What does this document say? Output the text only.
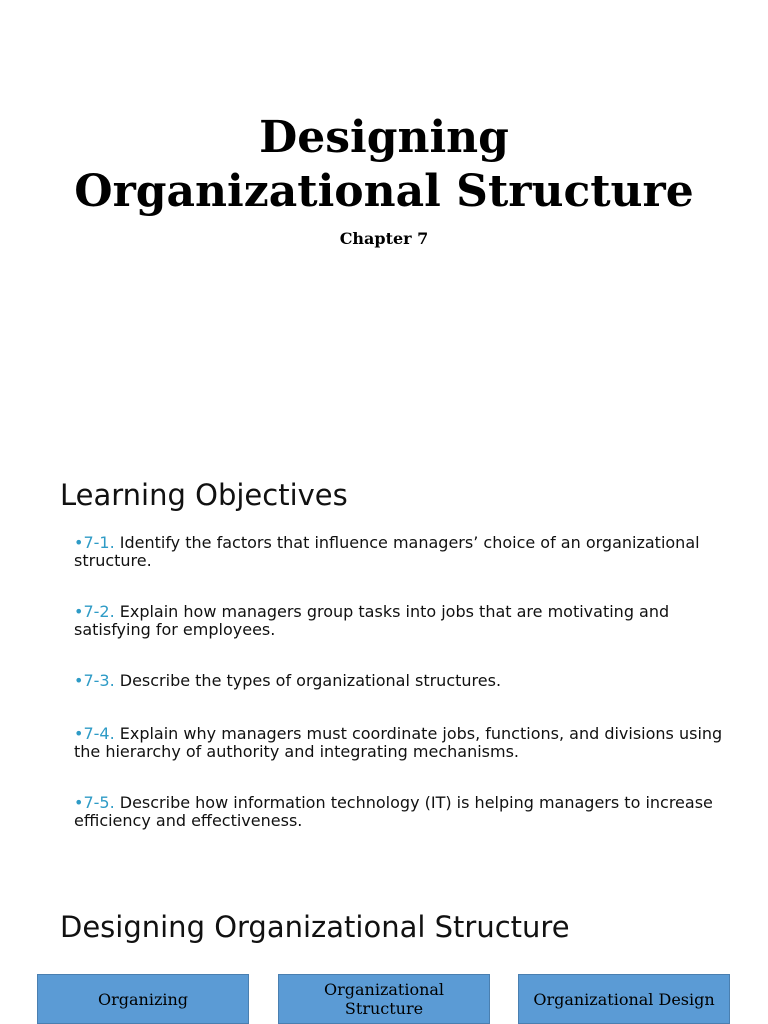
Designing
Organizational Structure
Chapter 7
Learning Objectives
•7-1. Identify the factors that influence managers’ choice of an organizational structure.
•7-2. Explain how managers group tasks into jobs that are motivating and satisfying for employees.
•7-3. Describe the types of organizational structures.
•7-4. Explain why managers must coordinate jobs, functions, and divisions using the hierarchy of authority and integrating mechanisms.
•7-5. Describe how information technology (IT) is helping managers to increase efficiency and effectiveness.
Designing Organizational Structure
Organizing	Organizational Structure	Organizational Design
